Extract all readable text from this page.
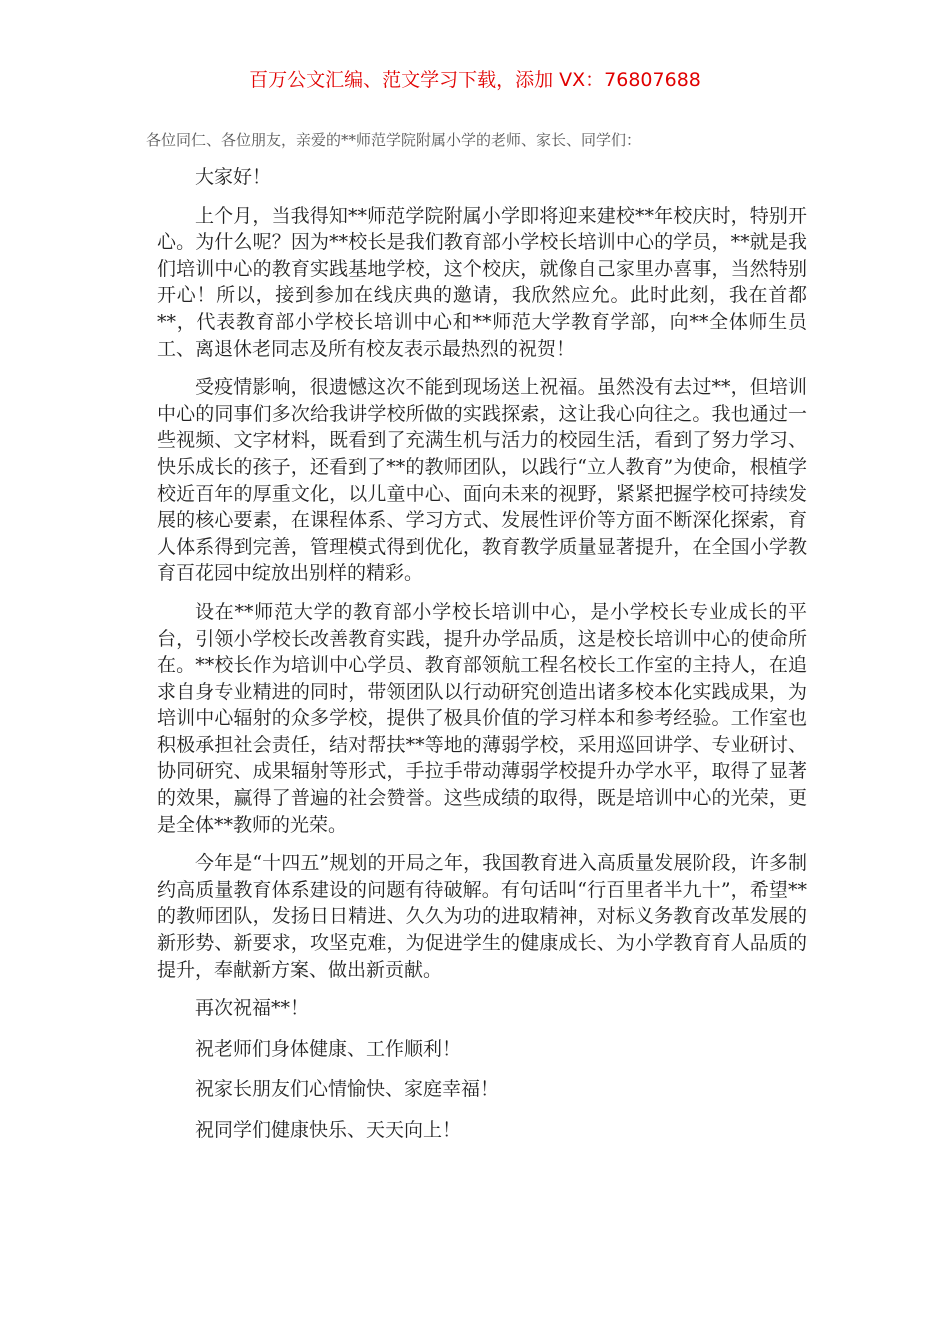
百万公文汇编、范文学习下载，添加 VX：76807688
各位同仁、各位朋友，亲爱的**师范学院附属小学的老师、家长、同学们：

大家好！

上个月，当我得知**师范学院附属小学即将迎来建校**年校庆时，特别开心。为什么呢？因为**校长是我们教育部小学校长培训中心的学员，**就是我们培训中心的教育实践基地学校，这个校庆，就像自己家里办喜事，当然特别开心！所以，接到参加在线庆典的邀请，我欣然应允。此时此刻，我在首都**，代表教育部小学校长培训中心和**师范大学教育学部，向**全体师生员工、离退休老同志及所有校友表示最热烈的祝贺！

受疫情影响，很遗憾这次不能到现场送上祝福。虽然没有去过**，但培训中心的同事们多次给我讲学校所做的实践探索，这让我心向往之。我也通过一些视频、文字材料，既看到了充满生机与活力的校园生活，看到了努力学习、快乐成长的孩子，还看到了**的教师团队，以践行“立人教育”为使命，根植学校近百年的厚重文化，以儿童中心、面向未来的视野，紧紧把握学校可持续发展的核心要素，在课程体系、学习方式、发展性评价等方面不断深化探索，育人体系得到完善，管理模式得到优化，教育教学质量显著提升，在全国小学教育百花园中绽放出别样的精彩。

设在**师范大学的教育部小学校长培训中心，是小学校长专业成长的平台，引领小学校长改善教育实践，提升办学品质，这是校长培训中心的使命所在。**校长作为培训中心学员、教育部领航工程名校长工作室的主持人，在追求自身专业精进的同时，带领团队以行动研究创造出诸多校本化实践成果，为培训中心辐射的众多学校，提供了极具价值的学习样本和参考经验。工作室也积极承担社会责任，结对帮扶**等地的薄弱学校，采用巡回讲学、专业研讨、协同研究、成果辐射等形式，手拉手带动薄弱学校提升办学水平，取得了显著的效果，赢得了普遍的社会赞誉。这些成绩的取得，既是培训中心的光荣，更是全体**教师的光荣。

今年是“十四五”规划的开局之年，我国教育进入高质量发展阶段，许多制约高质量教育体系建设的问题有待破解。有句话叫“行百里者半九十”，希望**的教师团队，发扬日日精进、久久为功的进取精神，对标义务教育改革发展的新形势、新要求，攻坚克难，为促进学生的健康成长、为小学教育育人品质的提升，奉献新方案、做出新贡献。

再次祝福**！

祝老师们身体健康、工作顺利！

祝家长朋友们心情愉快、家庭幸福！

祝同学们健康快乐、天天向上！
